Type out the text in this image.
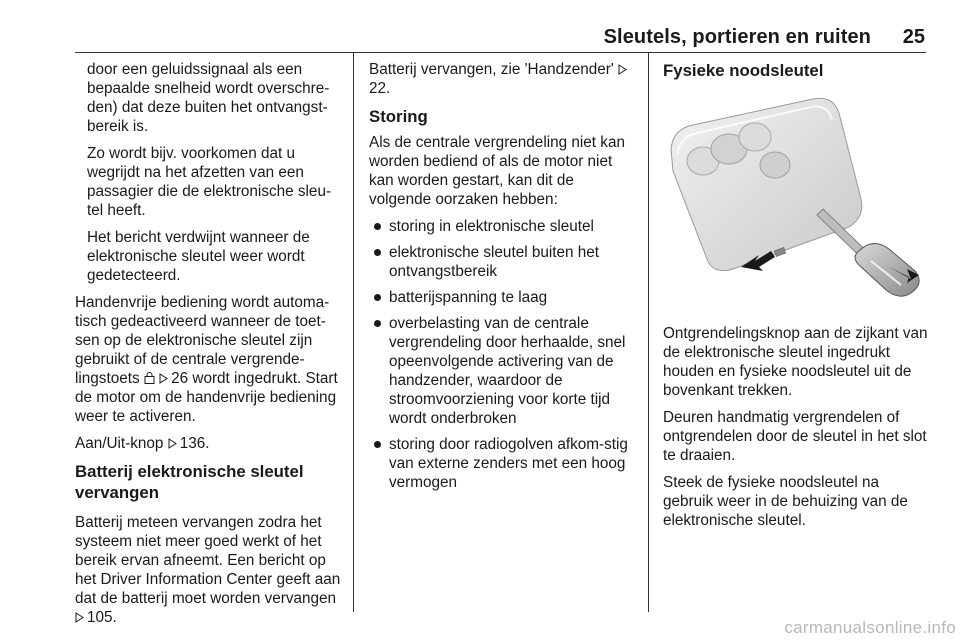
Sleutels, portieren en ruiten 25

door een geluidssignaal als een bepaalde snelheid wordt overschre-den) dat deze buiten het ontvangst-bereik is.

Zo wordt bijv. voorkomen dat u wegrijdt na het afzetten van een passagier die de elektronische sleu-tel heeft.

Het bericht verdwijnt wanneer de elektronische sleutel weer wordt gedetecteerd.

Handenvrije bediening wordt automa-tisch gedeactiveerd wanneer de toet-sen op de elektronische sleutel zijn gebruikt of de centrale vergrende-lingstoets  26 wordt ingedrukt. Start de motor om de handenvrije bediening weer te activeren.

Aan/Uit-knop 136.

Batterij elektronische sleutel vervangen

Batterij meteen vervangen zodra het systeem niet meer goed werkt of het bereik ervan afneemt. Een bericht op het Driver Information Center geeft aan dat de batterij moet worden vervangen 105.

Batterij vervangen, zie 'Handzender' 22.

Storing

Als de centrale vergrendeling niet kan worden bediend of als de motor niet kan worden gestart, kan dit de volgende oorzaken hebben:

storing in elektronische sleutel
elektronische sleutel buiten het ontvangstbereik
batterijspanning te laag
overbelasting van de centrale vergrendeling door herhaalde, snel opeenvolgende activering van de handzender, waardoor de stroomvoorziening voor korte tijd wordt onderbroken
storing door radiogolven afkom-stig van externe zenders met een hoog vermogen
Fysieke noodsleutel

Ontgrendelingsknop aan de zijkant van de elektronische sleutel ingedrukt houden en fysieke noodsleutel uit de bovenkant trekken.

Deuren handmatig vergrendelen of ontgrendelen door de sleutel in het slot te draaien.

Steek de fysieke noodsleutel na gebruik weer in de behuizing van de elektronische sleutel.

carmanualsonline.info
